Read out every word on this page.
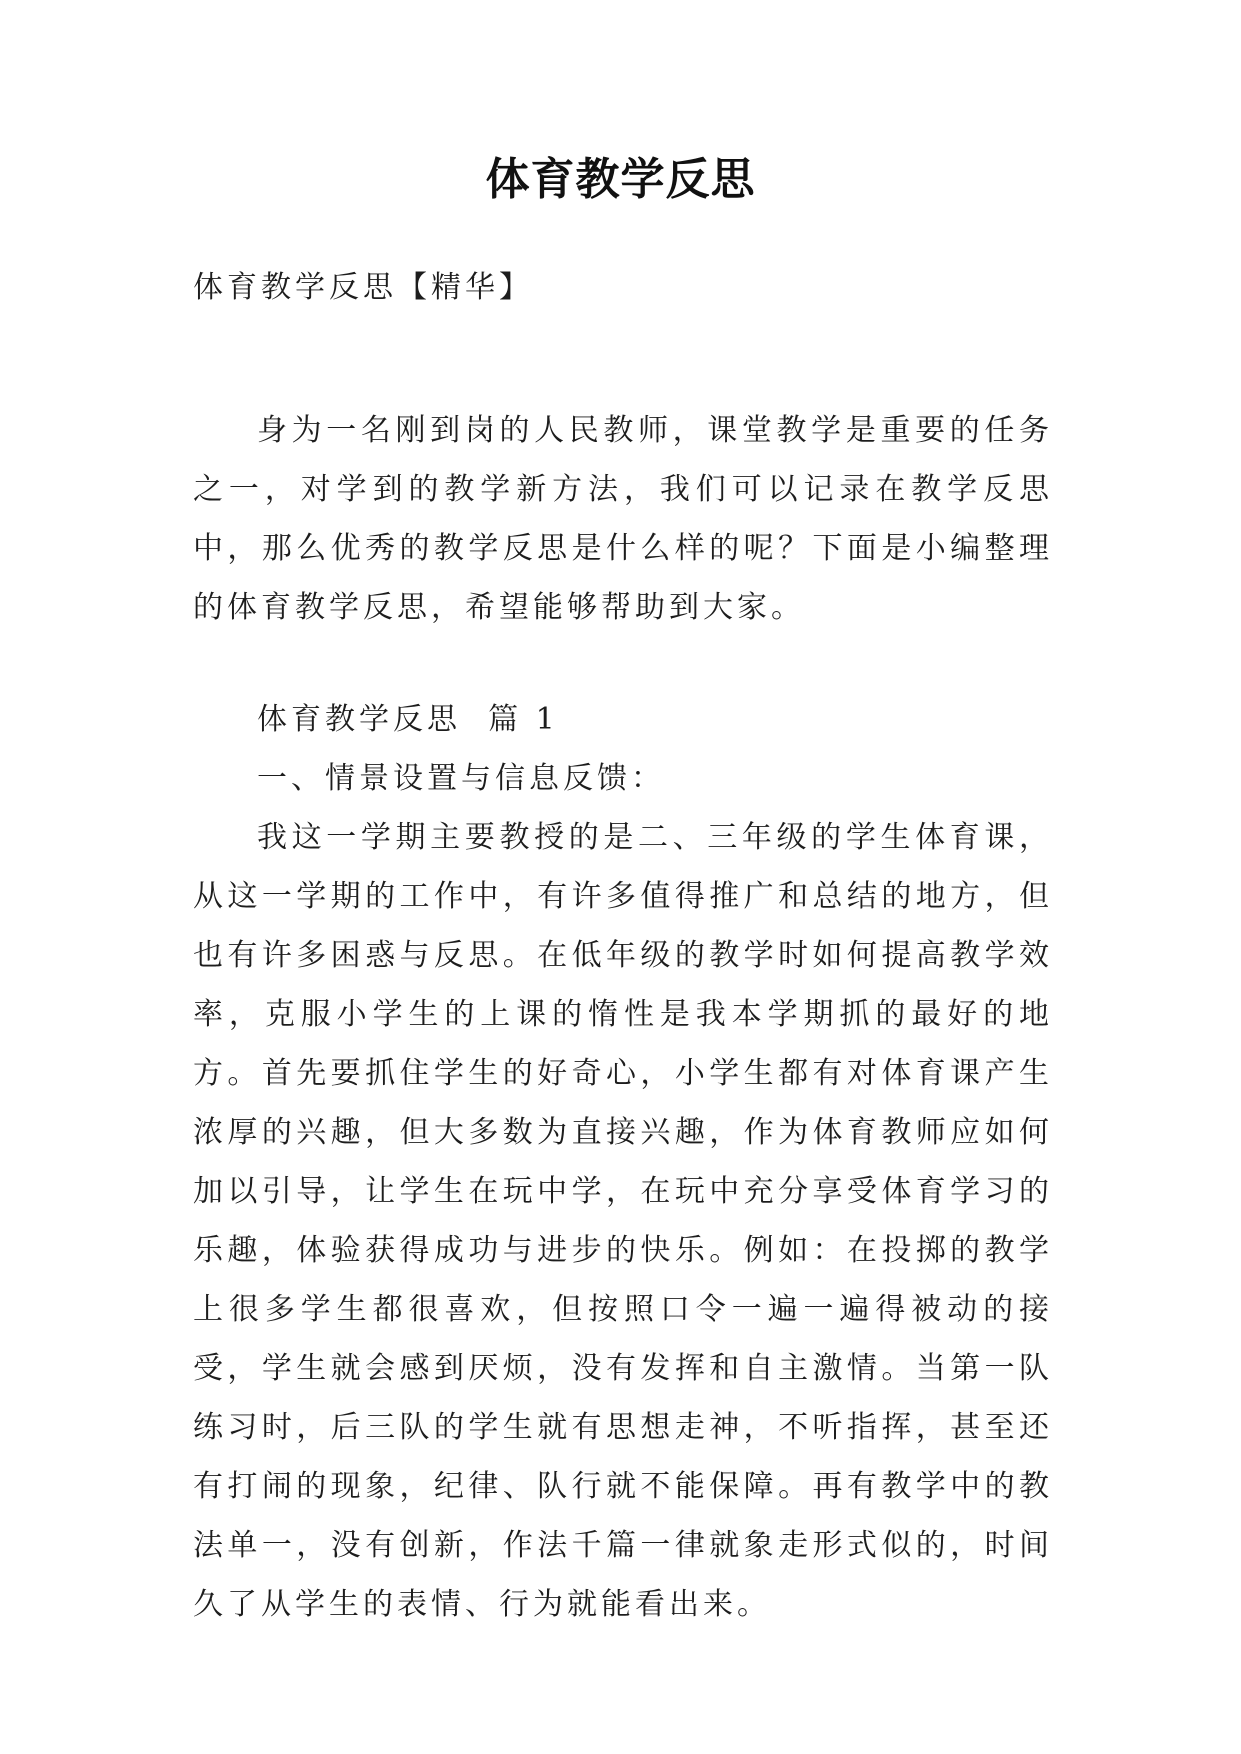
体育教学反思

体育教学反思【精华】

身为一名刚到岗的人民教师，课堂教学是重要的任务之一，对学到的教学新方法，我们可以记录在教学反思中，那么优秀的教学反思是什么样的呢？下面是小编整理的体育教学反思，希望能够帮助到大家。

体育教学反思  篇 1

一、情景设置与信息反馈：

我这一学期主要教授的是二、三年级的学生体育课，从这一学期的工作中，有许多值得推广和总结的地方，但也有许多困惑与反思。在低年级的教学时如何提高教学效率，克服小学生的上课的惰性是我本学期抓的最好的地方。首先要抓住学生的好奇心，小学生都有对体育课产生浓厚的兴趣，但大多数为直接兴趣，作为体育教师应如何加以引导，让学生在玩中学，在玩中充分享受体育学习的乐趣，体验获得成功与进步的快乐。例如：在投掷的教学上很多学生都很喜欢，但按照口令一遍一遍得被动的接受，学生就会感到厌烦，没有发挥和自主激情。当第一队练习时，后三队的学生就有思想走神，不听指挥，甚至还有打闹的现象，纪律、队行就不能保障。再有教学中的教法单一，没有创新，作法千篇一律就象走形式似的，时间久了从学生的表情、行为就能看出来。
